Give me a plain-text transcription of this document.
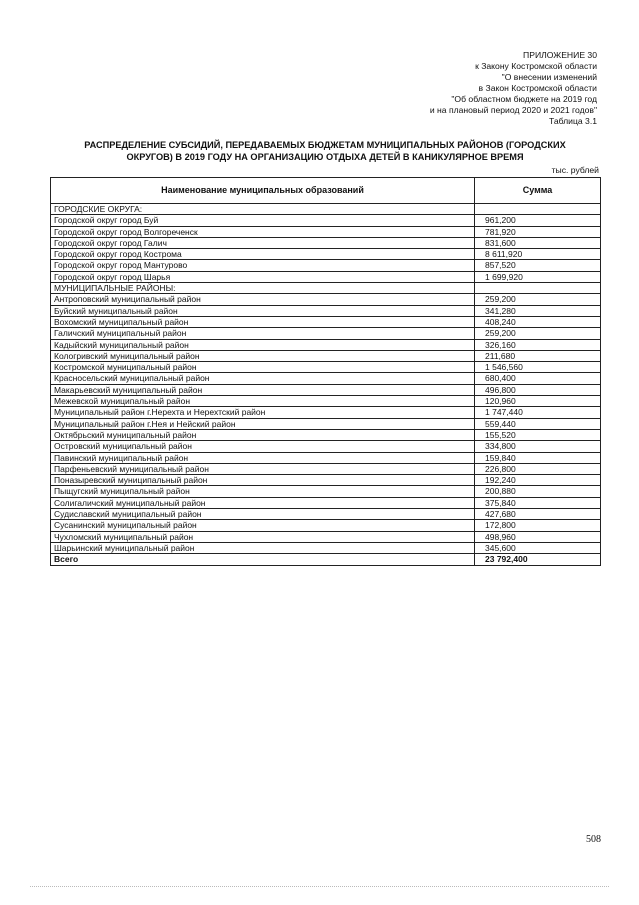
ПРИЛОЖЕНИЕ 30
к Закону Костромской области
"О внесении изменений
в Закон Костромской области
"Об областном бюджете на 2019 год
и на плановый период 2020 и 2021 годов"
Таблица 3.1
РАСПРЕДЕЛЕНИЕ СУБСИДИЙ, ПЕРЕДАВАЕМЫХ БЮДЖЕТАМ МУНИЦИПАЛЬНЫХ РАЙОНОВ (ГОРОДСКИХ
ОКРУГОВ) В 2019 ГОДУ НА ОРГАНИЗАЦИЮ ОТДЫХА ДЕТЕЙ В КАНИКУЛЯРНОЕ ВРЕМЯ
тыс. рублей
Наименование муниципальных образований	Сумма
ГОРОДСКИЕ ОКРУГА:	
Городской округ город Буй	961,200
Городской округ город Волгореченск	781,920
Городской округ город Галич	831,600
Городской округ город Кострома	8 611,920
Городской округ город Мантурово	857,520
Городской округ город Шарья	1 699,920
МУНИЦИПАЛЬНЫЕ РАЙОНЫ:	
Антроповский муниципальный район	259,200
Буйский муниципальный район	341,280
Вохомский муниципальный район	408,240
Галичский муниципальный район	259,200
Кадыйский муниципальный район	326,160
Кологривский муниципальный район	211,680
Костромской муниципальный район	1 546,560
Красносельский муниципальный район	680,400
Макарьевский муниципальный район	496,800
Межевской муниципальный район	120,960
Муниципальный район г.Нерехта и Нерехтский район	1 747,440
Муниципальный район г.Нея и Нейский район	559,440
Октябрьский муниципальный район	155,520
Островский муниципальный район	334,800
Павинский муниципальный район	159,840
Парфеньевский муниципальный район	226,800
Поназыревский муниципальный район	192,240
Пыщугский муниципальный район	200,880
Солигаличский муниципальный район	375,840
Судиславский муниципальный район	427,680
Сусанинский муниципальный район	172,800
Чухломский муниципальный район	498,960
Шарьинский муниципальный район	345,600
Всего	23 792,400
508
